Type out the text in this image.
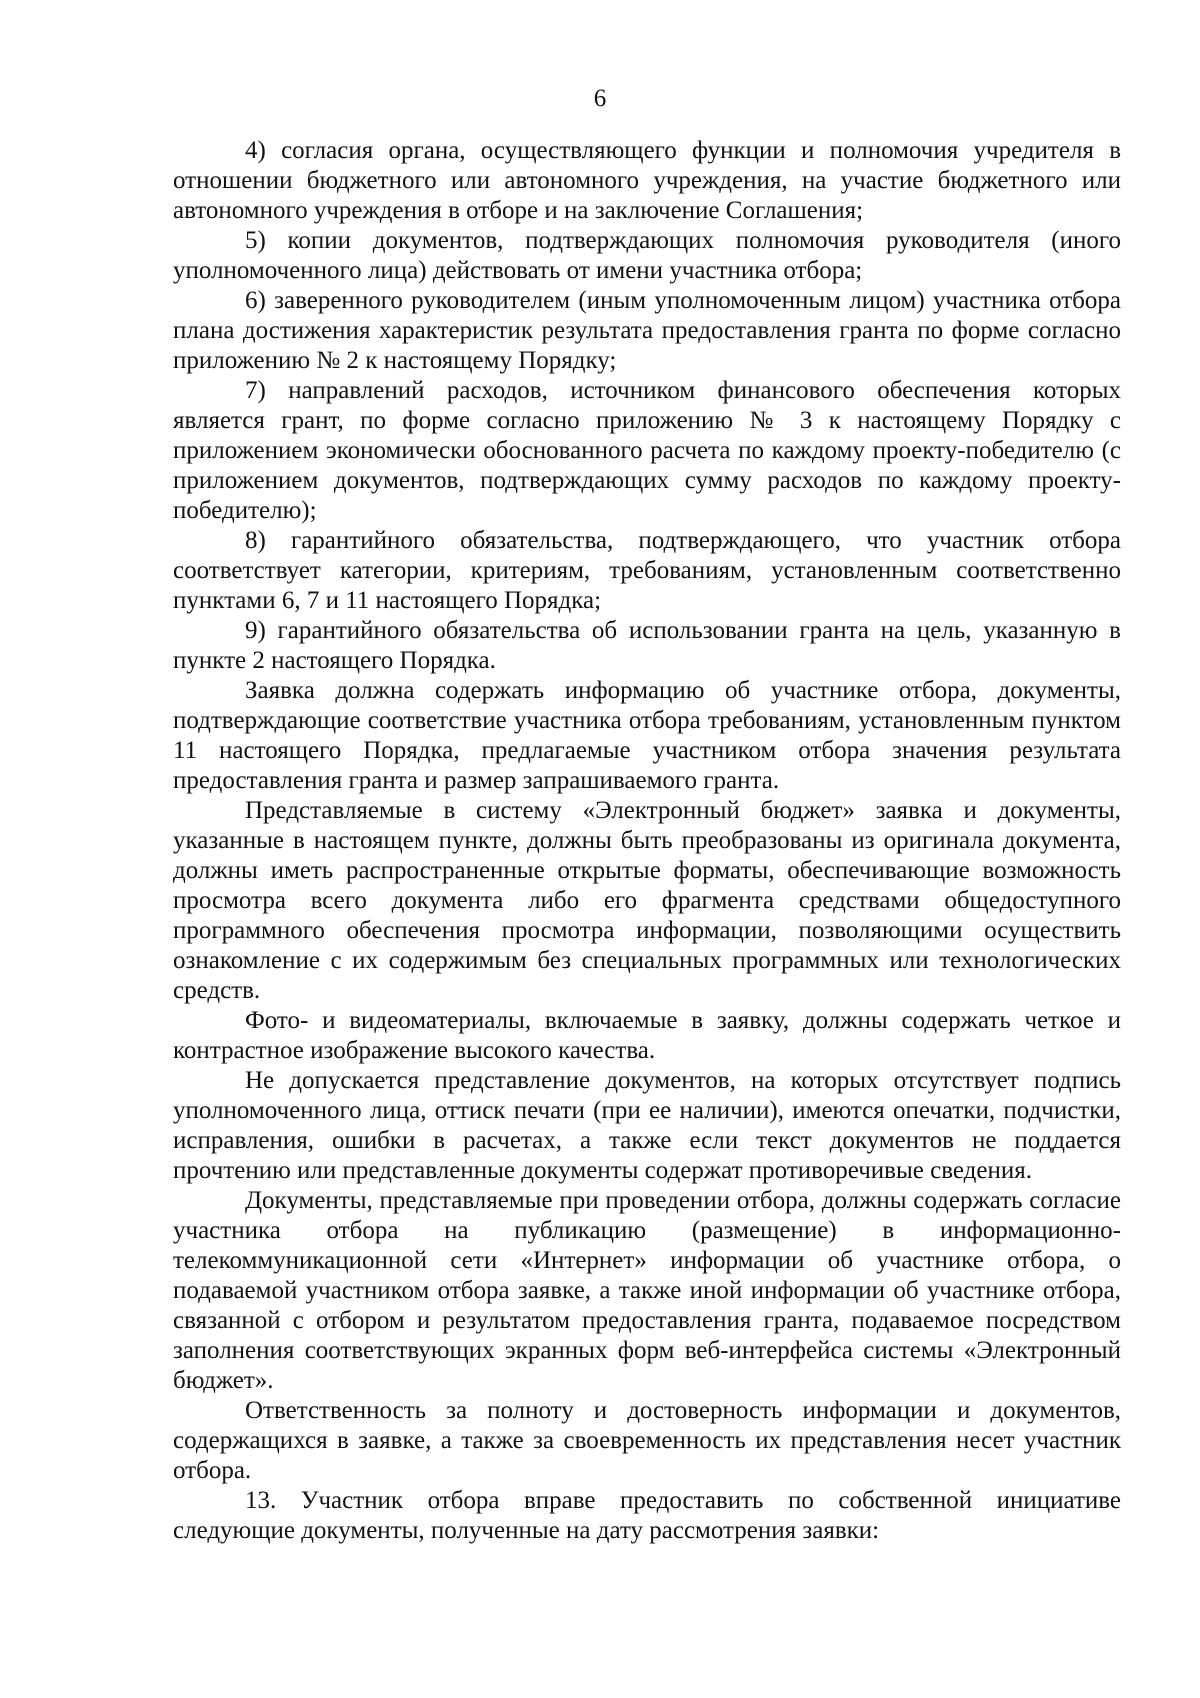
6

4) согласия органа, осуществляющего функции и полномочия учредителя в отношении бюджетного или автономного учреждения, на участие бюджетного или автономного учреждения в отборе и на заключение Соглашения;

5) копии документов, подтверждающих полномочия руководителя (иного уполномоченного лица) действовать от имени участника отбора;

6) заверенного руководителем (иным уполномоченным лицом) участника отбора плана достижения характеристик результата предоставления гранта по форме согласно приложению № 2 к настоящему Порядку;

7) направлений расходов, источником финансового обеспечения которых является грант, по форме согласно приложению № 3 к настоящему Порядку с приложением экономически обоснованного расчета по каждому проекту-победителю (с приложением документов, подтверждающих сумму расходов по каждому проекту-победителю);

8) гарантийного обязательства, подтверждающего, что участник отбора соответствует категории, критериям, требованиям, установленным соответственно пунктами 6, 7 и 11 настоящего Порядка;

9) гарантийного обязательства об использовании гранта на цель, указанную в пункте 2 настоящего Порядка.

Заявка должна содержать информацию об участнике отбора, документы, подтверждающие соответствие участника отбора требованиям, установленным пунктом 11 настоящего Порядка, предлагаемые участником отбора значения результата предоставления гранта и размер запрашиваемого гранта.

Представляемые в систему «Электронный бюджет» заявка и документы, указанные в настоящем пункте, должны быть преобразованы из оригинала документа, должны иметь распространенные открытые форматы, обеспечивающие возможность просмотра всего документа либо его фрагмента средствами общедоступного программного обеспечения просмотра информации, позволяющими осуществить ознакомление с их содержимым без специальных программных или технологических средств.

Фото- и видеоматериалы, включаемые в заявку, должны содержать четкое и контрастное изображение высокого качества.

Не допускается представление документов, на которых отсутствует подпись уполномоченного лица, оттиск печати (при ее наличии), имеются опечатки, подчистки, исправления, ошибки в расчетах, а также если текст документов не поддается прочтению или представленные документы содержат противоречивые сведения.

Документы, представляемые при проведении отбора, должны содержать согласие участника отбора на публикацию (размещение) в информационно-телекоммуникационной сети «Интернет» информации об участнике отбора, о подаваемой участником отбора заявке, а также иной информации об участнике отбора, связанной с отбором и результатом предоставления гранта, подаваемое посредством заполнения соответствующих экранных форм веб-интерфейса системы «Электронный бюджет».

Ответственность за полноту и достоверность информации и документов, содержащихся в заявке, а также за своевременность их представления несет участник отбора.

13. Участник отбора вправе предоставить по собственной инициативе следующие документы, полученные на дату рассмотрения заявки:
